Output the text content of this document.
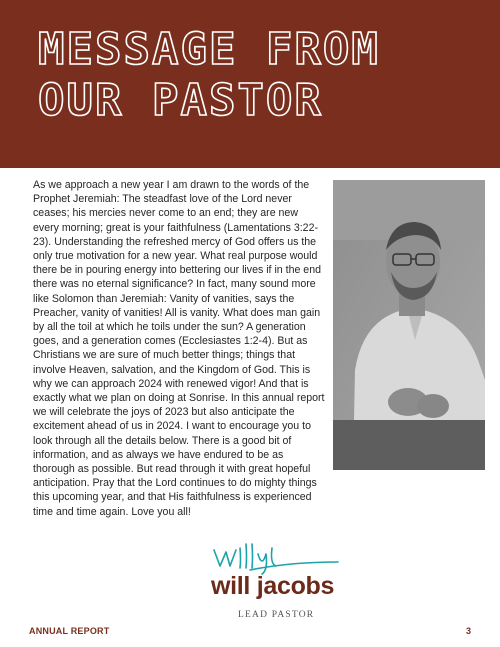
MESSAGE FROM OUR PASTOR

As we approach a new year I am drawn to the words of the Prophet Jeremiah: The steadfast love of the Lord never ceases; his mercies never come to an end; they are new every morning; great is your faithfulness (Lamentations 3:22-23). Understanding the refreshed mercy of God offers us the only true motivation for a new year. What real purpose would there be in pouring energy into bettering our lives if in the end there was no eternal significance? In fact, many sound more like Solomon than Jeremiah: Vanity of vanities, says the Preacher, vanity of vanities! All is vanity. What does man gain by all the toil at which he toils under the sun? A generation goes, and a generation comes (Ecclesiastes 1:2-4). But as Christians we are sure of much better things; things that involve Heaven, salvation, and the Kingdom of God. This is why we can approach 2024 with renewed vigor! And that is exactly what we plan on doing at Sonrise. In this annual report we will celebrate the joys of 2023 but also anticipate the excitement ahead of us in 2024. I want to encourage you to look through all the details below. There is a good bit of information, and as always we have endured to be as thorough as possible. But read through it with great hopeful anticipation. Pray that the Lord continues to do mighty things this upcoming year, and that His faithfulness is experienced time and time again. Love you all!

will jacobs

LEAD PASTOR
ANNUAL REPORT	3
